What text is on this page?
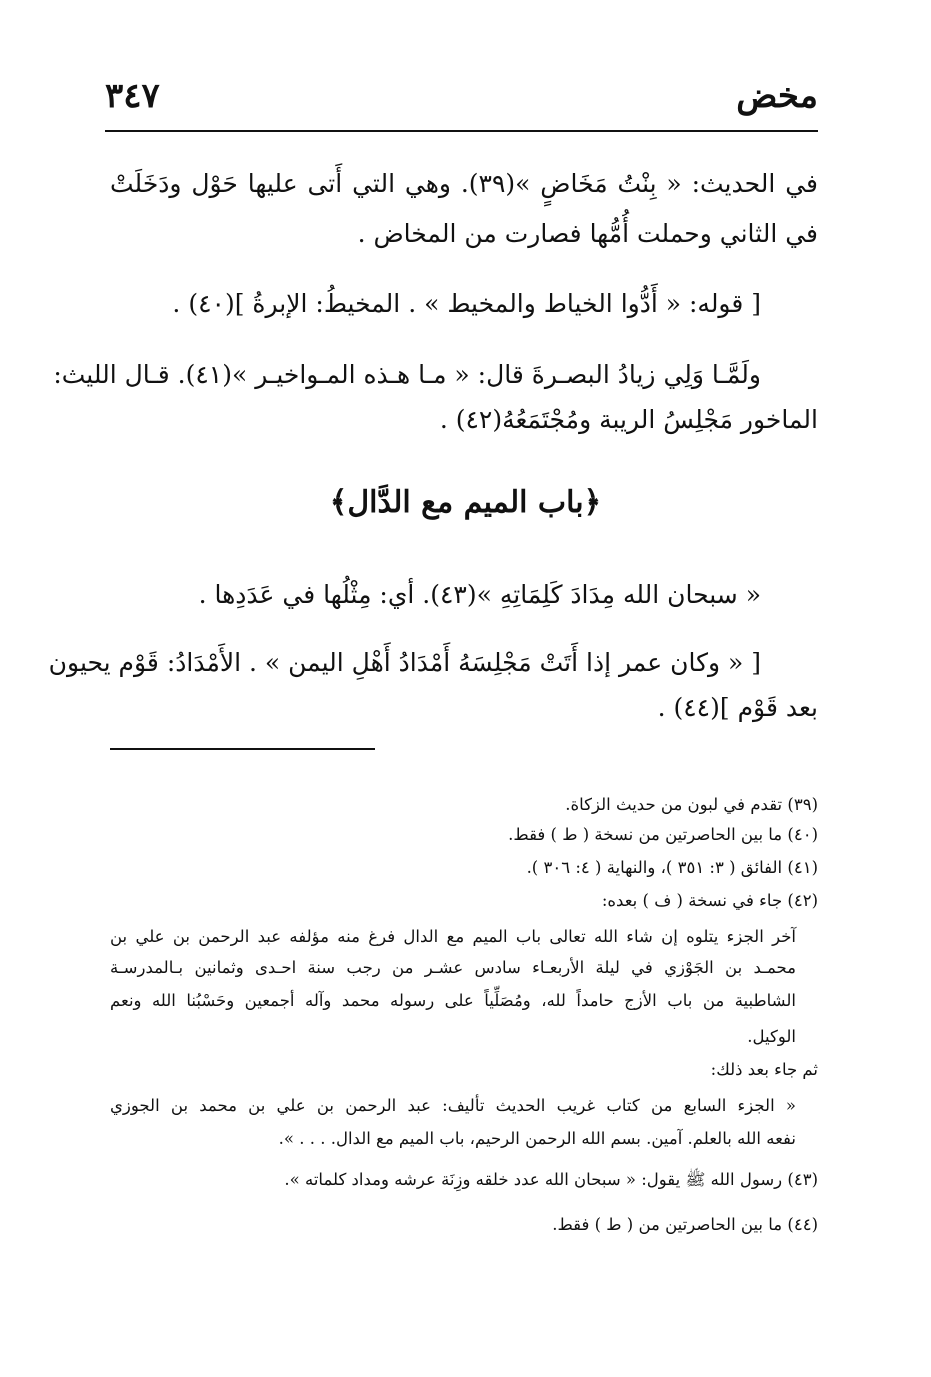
٣٤٧	مخض
في الحديث: « بِنْتُ مَخَاضٍ »(٣٩). وهي التي أَتى عليها حَوْل ودَخَلَتْ
في الثاني وحملت أُمُّها فصارت من المخاض .
[ قوله: « أَدُّوا الخياط والمخيط » . المخيطُ: الإبرةُ ](٤٠) .
ولَمَّـا وَلِي زيادُ البصـرةَ قال: « مـا هـذه المـواخيـر »(٤١). قـال الليث:
الماخور مَجْلِسُ الريبة ومُجْتَمَعُهُ(٤٢) .
﴿باب الميم مع الدَّال﴾
« سبحان الله مِدَادَ كَلِمَاتِهِ »(٤٣). أي: مِثْلُها في عَدَدِها .
[ « وكان عمر إذا أَتَتْ مَجْلِسَهُ أَمْدَادُ أَهْلِ اليمن » . الأَمْدَادُ: قَوْم يحيون
بعد قَوْم ](٤٤) .
(٣٩) تقدم في لبون من حديث الزكاة.
(٤٠) ما بين الحاصرتين من نسخة ( ط ) فقط.
(٤١) الفائق ( ٣: ٣٥١ )، والنهاية ( ٤: ٣٠٦ ).
(٤٢) جاء في نسخة ( ف ) بعده:
آخر الجزء يتلوه إن شاء الله تعالى باب الميم مع الدال فرغ منه مؤلفه عبد الرحمن بن علي بن
محمـد بن الجَوْزي في ليلة الأربعـاء سادس عشـر من رجب سنة احـدى وثمانين بـالمدرسـة
الشاطبية من باب الأزج حامداً لله، ومُصَلِّياً على رسوله محمد وآله أجمعين وحَسْبُنا الله ونعم
الوكيل.
ثم جاء بعد ذلك:
« الجزء السابع من كتاب غريب الحديث تأليف: عبد الرحمن بن علي بن محمد بن الجوزي
نفعه الله بالعلم. آمين. بسم الله الرحمن الرحيم، باب الميم مع الدال. . . . ».
(٤٣) رسول الله ﷺ يقول: « سبحان الله عدد خلقه وزِنَة عرشه ومداد كلماته ».
(٤٤) ما بين الحاصرتين من ( ط ) فقط.
